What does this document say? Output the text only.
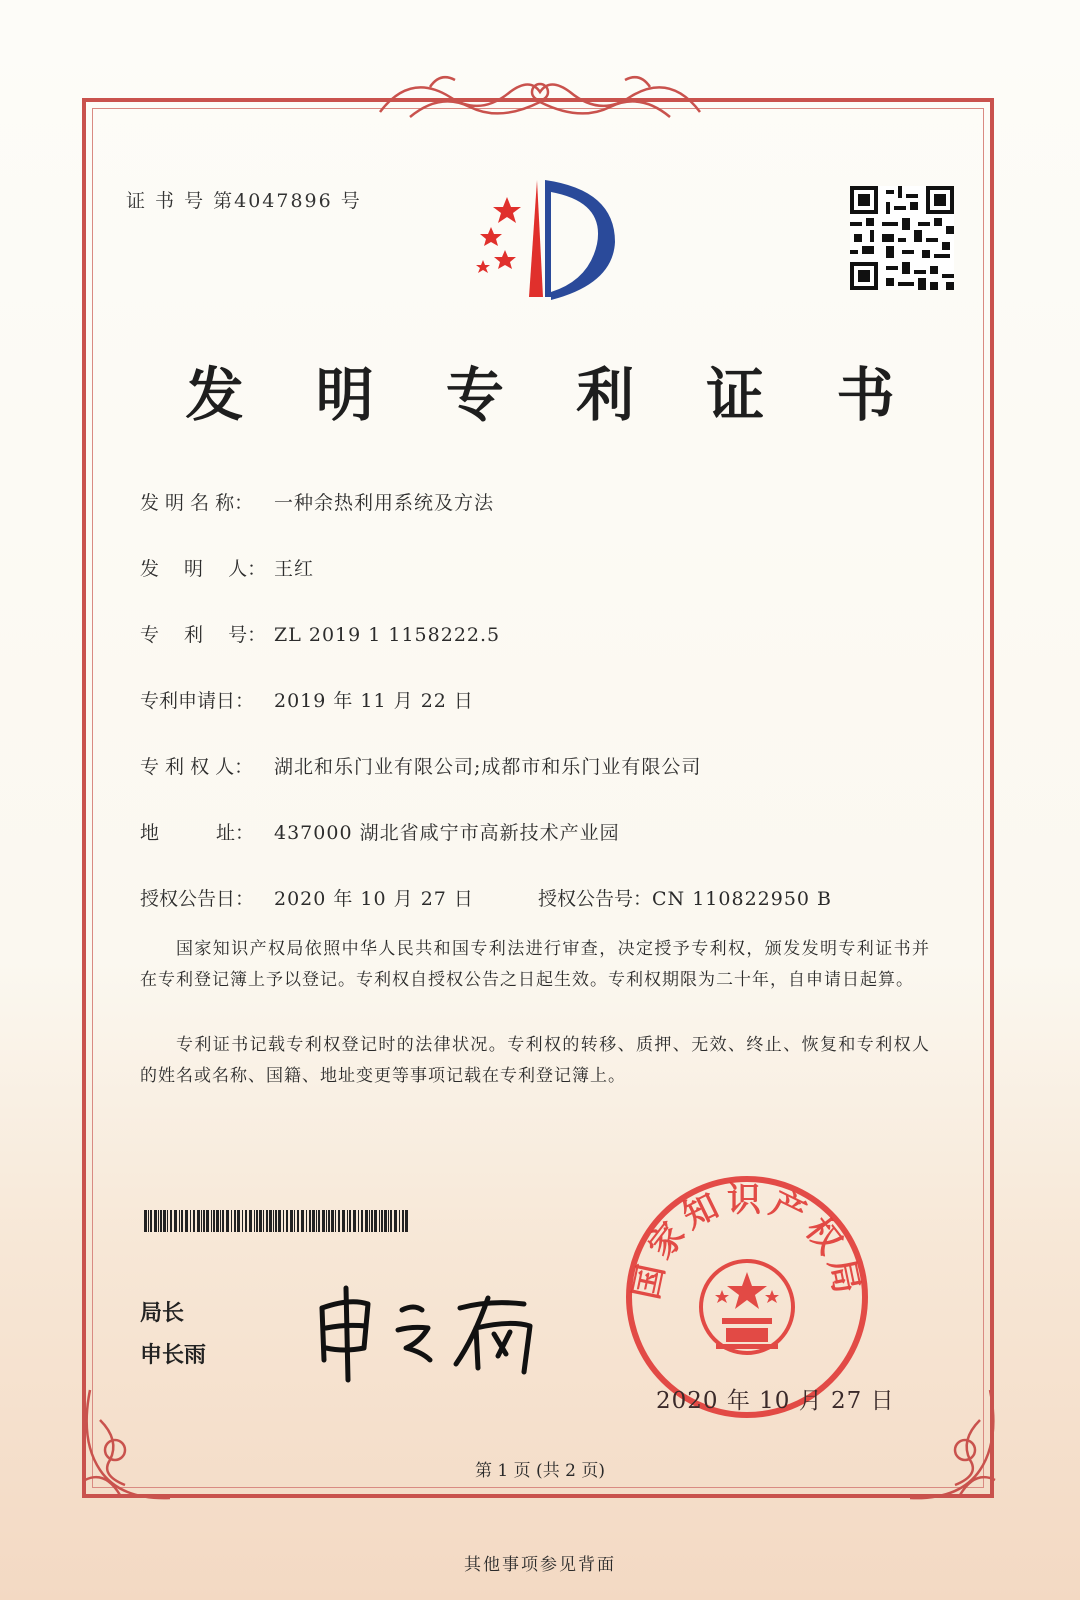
证 书 号 第4047896 号
发 明 专 利 证 书
发 明 名 称： 一种余热利用系统及方法
发　 明　 人： 王红
专　 利　 号： ZL 2019 1 1158222.5
专利申请日： 2019 年 11 月 22 日
专 利 权 人： 湖北和乐门业有限公司;成都市和乐门业有限公司
地　　　址： 437000 湖北省咸宁市高新技术产业园
授权公告日： 2020 年 10 月 27 日	授权公告号：CN 110822950 B
国家知识产权局依照中华人民共和国专利法进行审查，决定授予专利权，颁发发明专利证书并在专利登记簿上予以登记。专利权自授权公告之日起生效。专利权期限为二十年，自申请日起算。
专利证书记载专利权登记时的法律状况。专利权的转移、质押、无效、终止、恢复和专利权人的姓名或名称、国籍、地址变更等事项记载在专利登记簿上。
局长
申长雨
国家知识产权局
2020 年 10 月 27 日
第 1 页 (共 2 页)
其他事项参见背面
